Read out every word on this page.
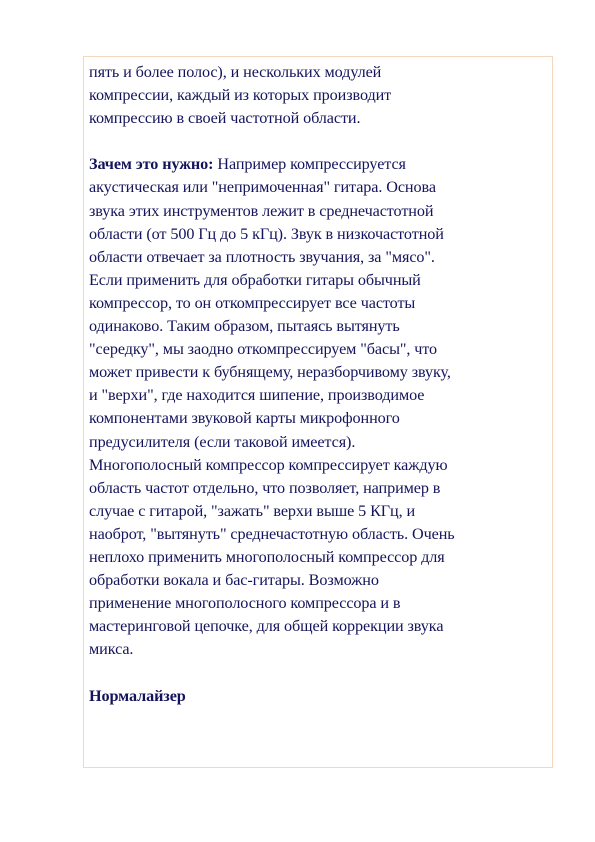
пять и более полос), и нескольких модулей
компрессии, каждый из которых производит
компрессию в своей частотной области.
Зачем это нужно: Например компрессируется
акустическая или "непримоченная" гитара. Основа
звука этих инструментов лежит в среднечастотной
области (от 500 Гц до 5 кГц). Звук в низкочастотной
области отвечает за плотность звучания, за "мясо".
Если применить для обработки гитары обычный
компрессор, то он откомпрессирует все частоты
одинаково. Таким образом, пытаясь вытянуть
"середку", мы заодно откомпрессируем "басы", что
может привести к бубнящему, неразборчивому звуку,
и "верхи", где находится шипение, производимое
компонентами звуковой карты микрофонного
предусилителя (если таковой имеется).
Многополосный компрессор компрессирует каждую
область частот отдельно, что позволяет, например в
случае с гитарой, "зажать" верхи выше 5 КГц, и
наоброт, "вытянуть" среднечастотную область. Очень
неплохо применить многополосный компрессор для
обработки вокала и бас-гитары. Возможно
применение многополосного компрессора и в
мастеринговой цепочке, для общей коррекции звука
микса.
Нормалайзер
